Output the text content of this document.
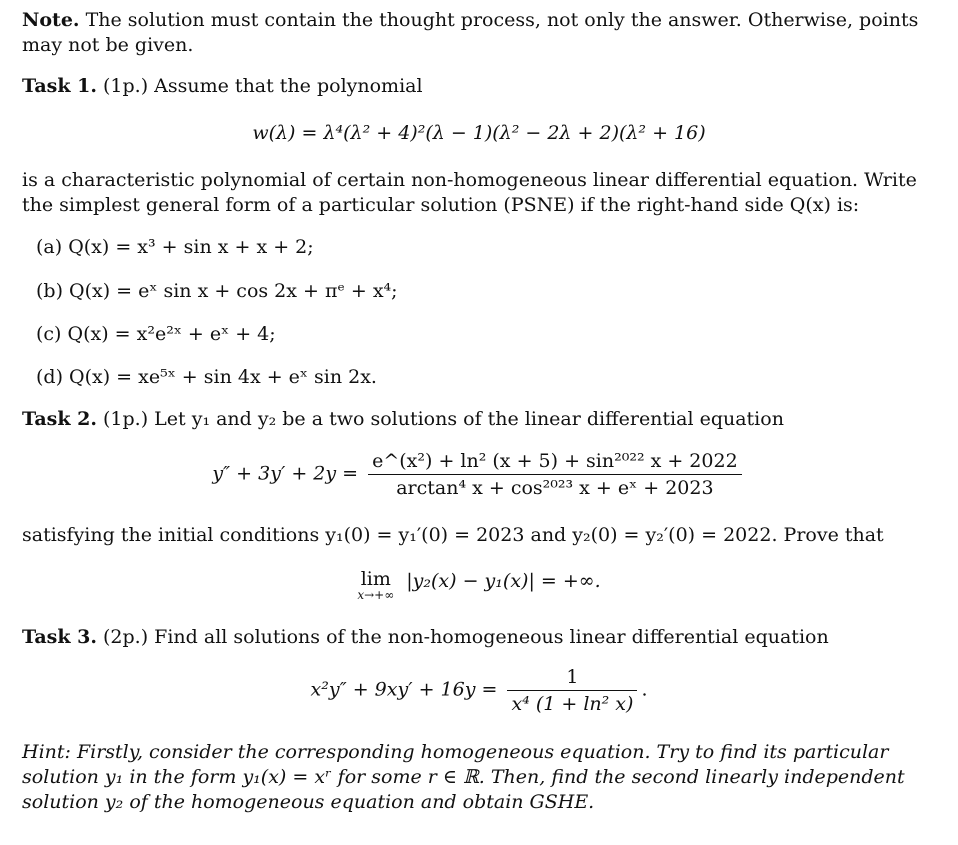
Note. The solution must contain the thought process, not only the answer. Otherwise, points may not be given.
Task 1. (1p.) Assume that the polynomial
w(λ) = λ⁴(λ² + 4)²(λ − 1)(λ² − 2λ + 2)(λ² + 16)
is a characteristic polynomial of certain non-homogeneous linear differential equation. Write the simplest general form of a particular solution (PSNE) if the right-hand side Q(x) is:
(a) Q(x) = x³ + sin x + x + 2;
(b) Q(x) = eˣ sin x + cos 2x + πᵉ + x⁴;
(c) Q(x) = x²e²ˣ + eˣ + 4;
(d) Q(x) = xe⁵ˣ + sin 4x + eˣ sin 2x.
Task 2. (1p.) Let y₁ and y₂ be a two solutions of the linear differential equation
$y'' + 3y' + 2y = \frac{\text{e\textasciicircum{}(x²) + ln² (x + 5) + sin²⁰²² x + 2022}}{\text{arctan⁴ x + cos²⁰²³ x + eˣ + 2023}}$
satisfying the initial conditions y₁(0) = y₁′(0) = 2023 and y₂(0) = y₂′(0) = 2022. Prove that
lim
x→+∞
|y₂(x) − y₁(x)| = +∞.
Task 3. (2p.) Find all solutions of the non-homogeneous linear differential equation
$x^2y'' + 9xy' + 16y = \frac{1}{\text{x⁴ (1 + ln² x)}}$ .
Hint: Firstly, consider the corresponding homogeneous equation. Try to find its particular solution y₁ in the form y₁(x) = xʳ for some r ∈ ℝ. Then, find the second linearly independent solution y₂ of the homogeneous equation and obtain GSHE.
